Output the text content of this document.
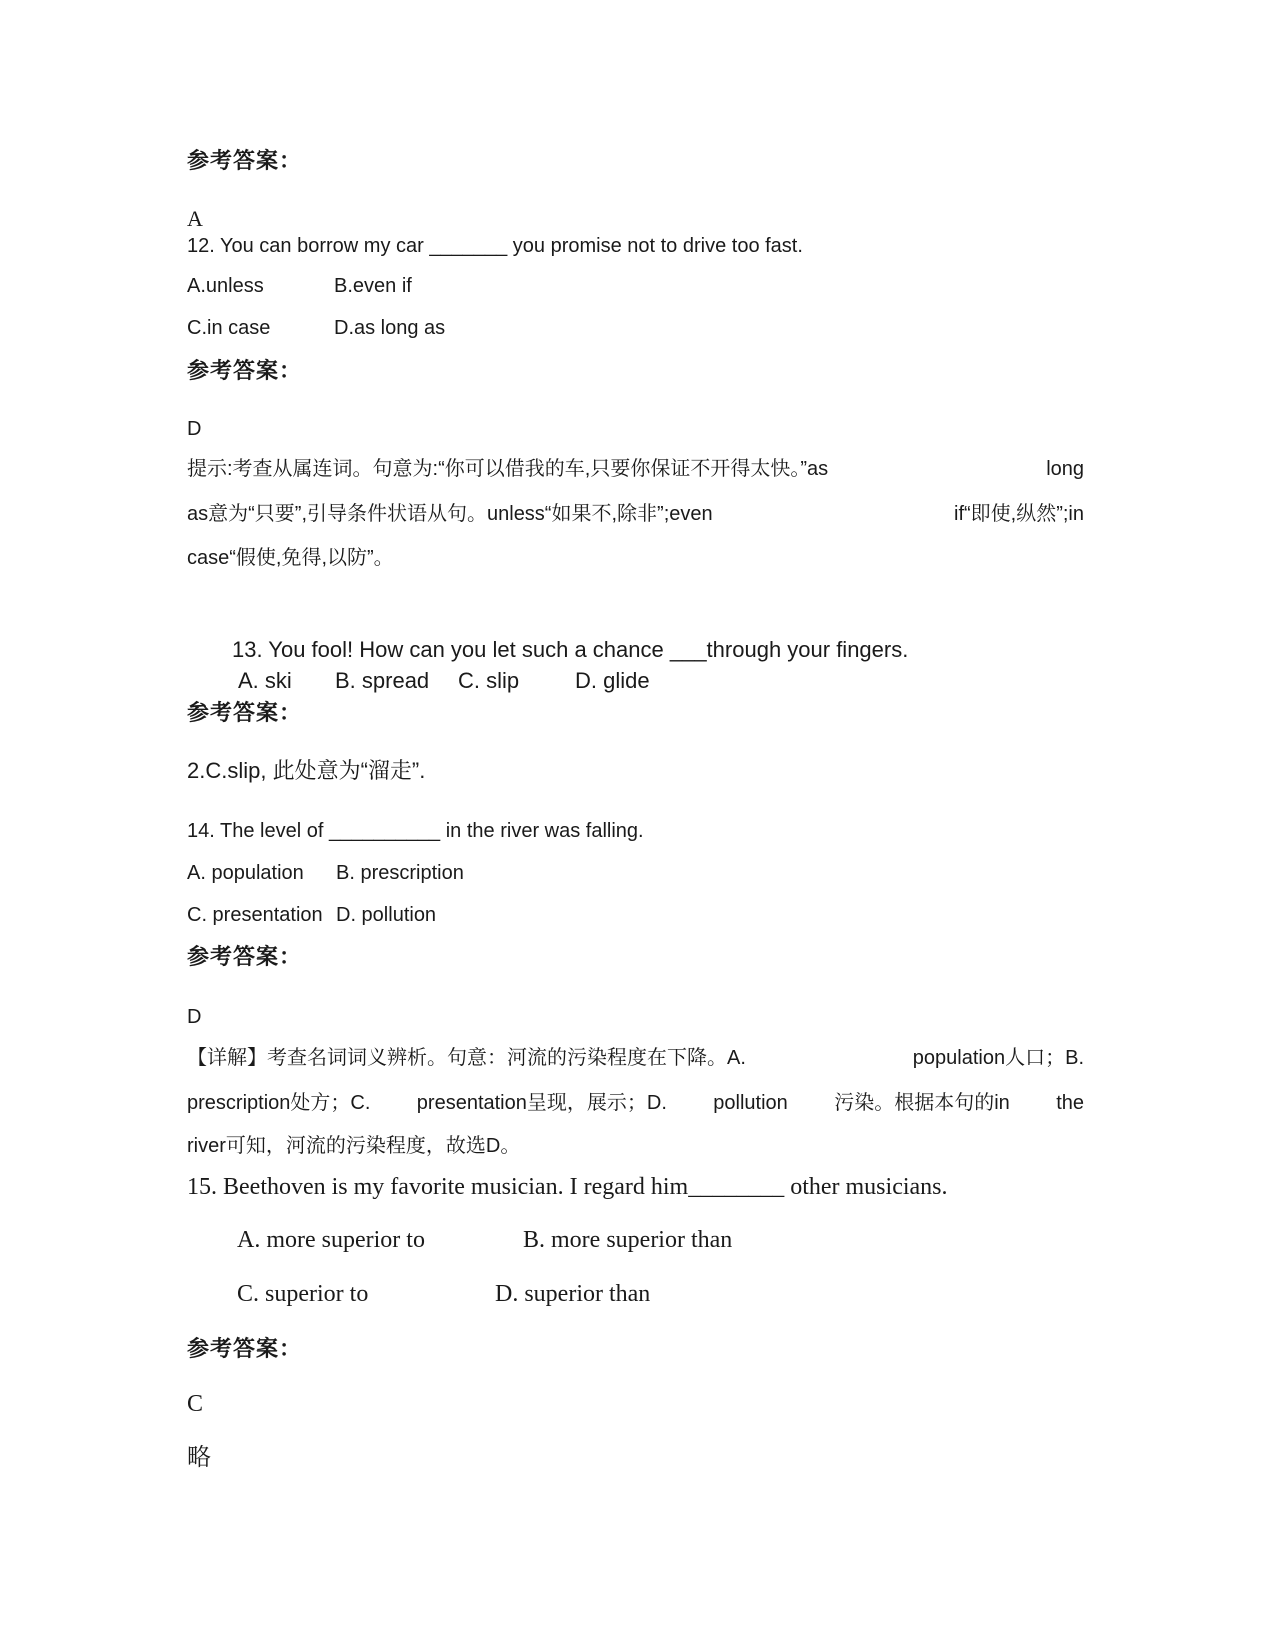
参考答案：
A
12. You can borrow my car _______ you promise not to drive too fast.
A.unless	B.even if
C.in case	D.as long as
参考答案：
D
提示:考查从属连词。句意为:“你可以借我的车,只要你保证不开得太快。”as	long
as意为“只要”,引导条件状语从句。unless“如果不,除非”;even	if“即使,纵然”;in
case“假使,免得,以防”。
13. You fool! How can you let such a chance ___through your fingers.
A. ski B. spread C. slip	D. glide
参考答案：
2.C.slip, 此处意为“溜走”.
14. The level of __________ in the river was falling.
A. population B. prescription
C. presentation D. pollution
参考答案：
D
【详解】考查名词词义辨析。句意：河流的污染程度在下降。A.	population人口；B.
prescription处方；C. presentation呈现，展示；D. pollution 污染。根据本句的in the
river可知，河流的污染程度，故选D。
15. Beethoven is my favorite musician. I regard him________ other musicians.
A. more superior to	B. more superior than
C. superior to	D. superior than
参考答案：
C
略
